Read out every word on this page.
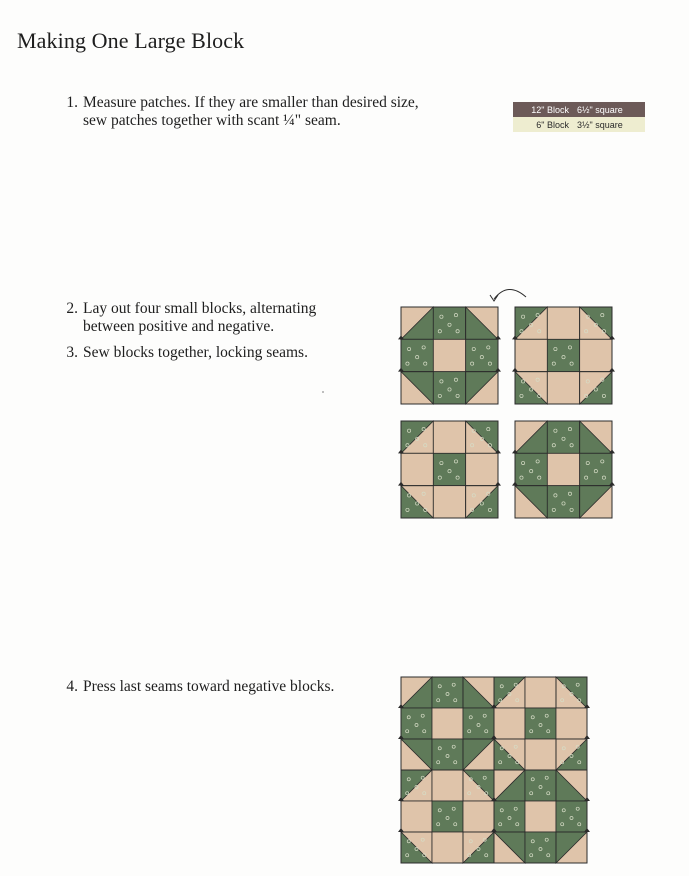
Making One Large Block
1. Measure patches. If they are smaller than desired size,

sew patches together with scant ¼" seam.
12" Block 6½" square
6" Block 3½" square
2. Lay out four small blocks, alternating
between positive and negative.
3. Sew blocks together, locking seams.
4. Press last seams toward negative blocks.
